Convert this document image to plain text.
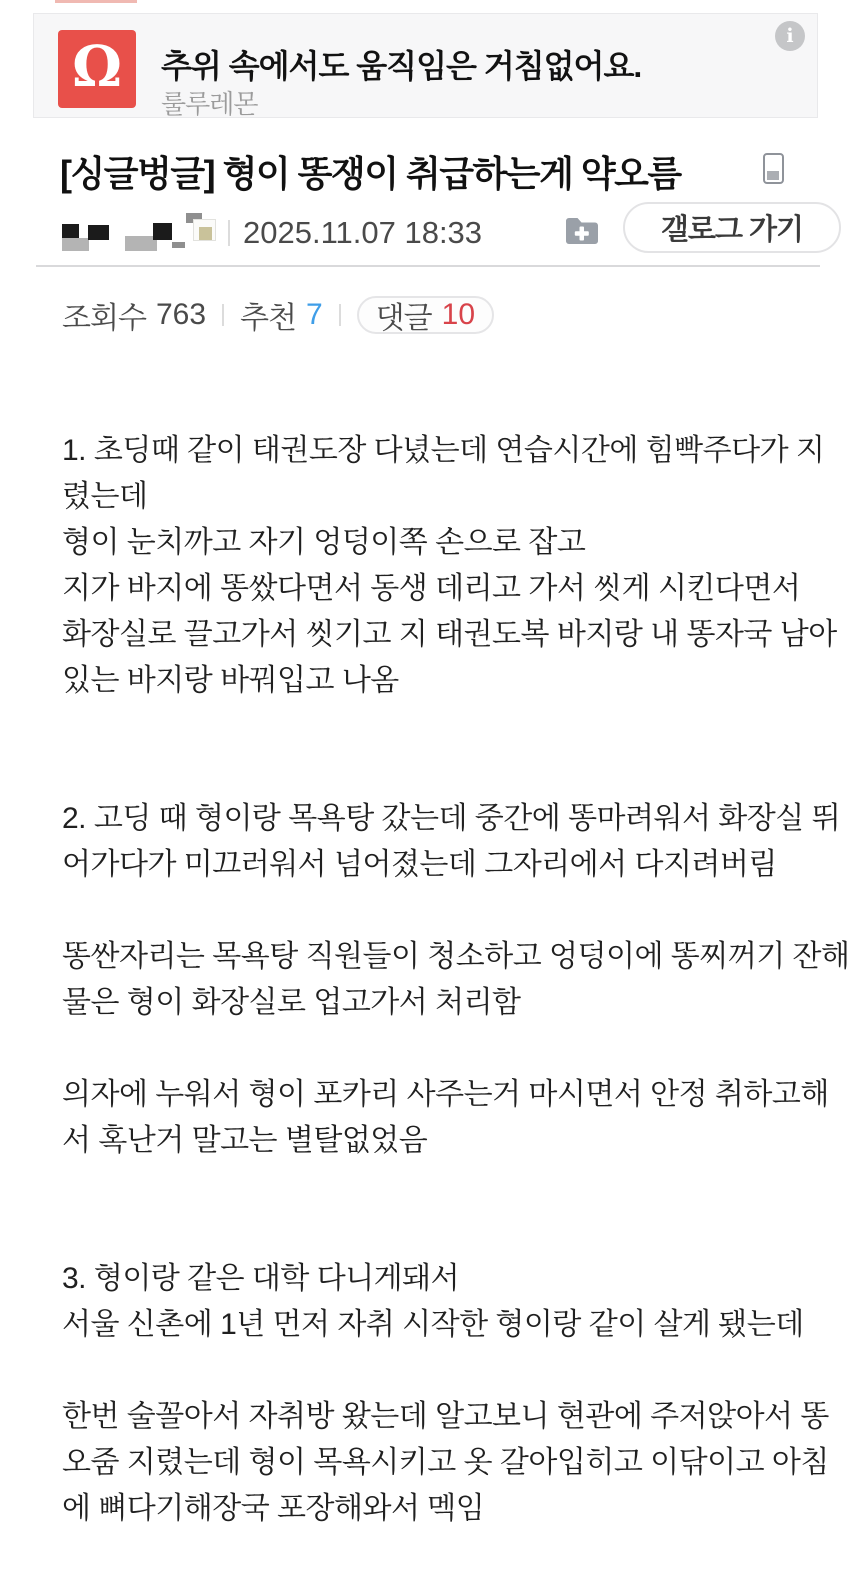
Ω 추위 속에서도 움직임은 거침없어요.
룰루레몬
i
[싱글벙글] 형이 똥쟁이 취급하는게 약오름
2025.11.07 18:33	갤로그 가기
조회수 763 추천 7 댓글 10
1. 초딩때 같이 태권도장 다녔는데 연습시간에 힘빡주다가 지
렸는데
형이 눈치까고 자기 엉덩이쪽 손으로 잡고
지가 바지에 똥쌌다면서 동생 데리고 가서 씻게 시킨다면서
화장실로 끌고가서 씻기고 지 태권도복 바지랑 내 똥자국 남아
있는 바지랑 바꿔입고 나옴
2. 고딩 때 형이랑 목욕탕 갔는데 중간에 똥마려워서 화장실 뛰
어가다가 미끄러워서 넘어졌는데 그자리에서 다지려버림
똥싼자리는 목욕탕 직원들이 청소하고 엉덩이에 똥찌꺼기 잔해
물은 형이 화장실로 업고가서 처리함
의자에 누워서 형이 포카리 사주는거 마시면서 안정 취하고해
서 혹난거 말고는 별탈없었음
3. 형이랑 같은 대학 다니게돼서
서울 신촌에 1년 먼저 자취 시작한 형이랑 같이 살게 됐는데
한번 술꼴아서 자취방 왔는데 알고보니 현관에 주저앉아서 똥
오줌 지렸는데 형이 목욕시키고 옷 갈아입히고 이닦이고 아침
에 뼈다기해장국 포장해와서 멕임
